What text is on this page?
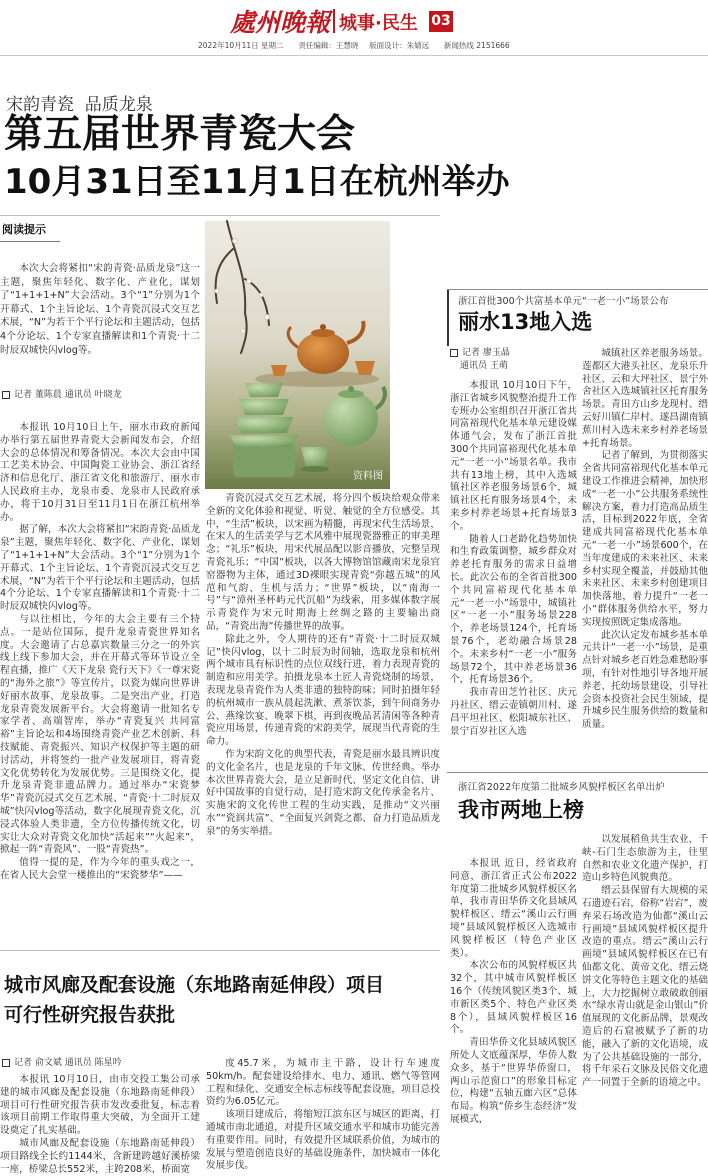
處州晚報 城事·民生 03
2022年10月11日 星期二 责任编辑：王慧晓 版面设计：朱婧远 新闻热线 2151666
宋韵青瓷  品质龙泉
第五届世界青瓷大会
10月31日至11月1日在杭州举办
阅读提示
本次大会将紧扣“宋韵青瓷·品质龙泉”这一主题，聚焦年轻化、数字化、产业化，谋划了“1+1+1+N”大会活动。3个“1”分别为1个开幕式、1个主旨论坛、1个青瓷沉浸式交互艺术展，“N”为若干个平行论坛和主题活动，包括4个分论坛、1个专家直播解读和1个青瓷·十二时辰双城快闪vlog等。
记者 董陈晨 通讯员 叶晓龙

本报讯 10月10日上午，丽水市政府新闻办举行第五届世界青瓷大会新闻发布会，介绍大会的总体情况和筹备情况。本次大会由中国工艺美术协会、中国陶瓷工业协会、浙江省经济和信息化厅、浙江省文化和旅游厅、丽水市人民政府主办，龙泉市委、龙泉市人民政府承办，将于10月31日至11月1日在浙江杭州举办。

据了解，本次大会将紧扣“宋韵青瓷·品质龙泉”主题，聚焦年轻化、数字化、产业化，谋划了“1+1+1+N”大会活动。3个“1”分别为1个开幕式、1个主旨论坛、1个青瓷沉浸式交互艺术展，“N”为若干个平行论坛和主题活动，包括4个分论坛、1个专家直播解读和1个青瓷·十二时辰双城快闪vlog等。

与以往相比，今年的大会主要有三个特点。一是站位国际，提升龙泉青瓷世界知名度。大会邀请了占总嘉宾数量三分之一的外宾线上线下参加大会，并在开幕式等环节设立全程直播，推广《天下龙泉 瓷行天下》《一尊宋瓷的“海外之旅”》等宣传片，以瓷为媒向世界讲好丽水故事、龙泉故事。二是突出产业，打造龙泉青瓷发展新平台。大会将邀请一批知名专家学者、高端智库，举办“青瓷复兴 共同富裕”主旨论坛和4场围绕青瓷产业艺术创新、科技赋能、青瓷振兴、知识产权保护等主题的研讨活动，并将签约一批产业发展项目，将青瓷文化优势转化为发展优势。三是围绕文化，提升龙泉青瓷非遗品牌力。通过举办“宋瓷梦华”青瓷沉浸式交互艺术展、“青瓷·十二时辰双城”快闪vlog等活动，数字化展现青瓷文化，沉浸式体验人类非遗，全方位传播传统文化，切实让大众对青瓷文化加快“活起来”“火起来”，掀起一阵“青瓷风”、一股“青瓷热”。

值得一提的是，作为今年的重头戏之一，在省人民大会堂一楼推出的“宋瓷梦华”——

资料图

青瓷沉浸式交互艺术展，将分四个板块给观众带来全新的文化体验和视觉、听觉、触觉的全方位感受。其中，“生活”板块，以宋画为精髓，再现宋代生活场景，在宋人的生活美学与艺术风雅中展现瓷器雅正的审美理念；“礼乐”板块，用宋代展品配以影音播放，完整呈现青瓷礼乐；“中国”板块，以各大博物馆馆藏南宋龙泉官窑器物为主体，通过3D裸眼实现青瓷“弥越五城”的风范和气韵、生机与活力；“世界”板块，以“南海一号”与“漳州圣杯屿元代沉船”为线索，用多媒体数字展示青瓷作为宋元时期海上丝绸之路的主要输出商品，“青瓷出海”传播世界的故事。

除此之外，令人期待的还有“青瓷·十二时辰双城记”快闪vlog，以十二时辰为时间轴，选取龙泉和杭州两个城市具有标识性的点位双线行进，着力表现青瓷的制造和应用美学。拍摄龙泉本土匠人青瓷烧制的场景，表现龙泉青瓷作为人类非遗的独特韵味；同时拍摄年轻的杭州城市一族从晨起洗漱、煮茶饮茶，到午间商务办公、燕缘饮宴、晚翠下棋，再到夜晚品茗清闲等各种青瓷应用场景，传递青瓷的宋韵美学，展现当代青瓷的生命力。

作为宋韵文化的典型代表，青瓷是丽水最具辨识度的文化金名片，也是龙泉的千年文脉、传世经典。举办本次世界青瓷大会，是立足新时代、坚定文化自信、讲好中国故事的自觉行动，是打造宋韵文化传承金名片、实施宋韵文化传世工程的生动实践，是推动“文兴丽水”“瓷润共富”、“全面复兴剑瓷之都、奋力打造品质龙泉”的务实举措。

浙江首批300个共富基本单元“一老一小”场景公布
丽水13地入选
记者 廖玉晶
通讯员 王萌

本报讯 10月10日下午，浙江省城乡风貌整治提升工作专班办公室组织召开浙江省共同富裕现代化基本单元建设媒体通气会，发布了浙江首批300个共同富裕现代化基本单元“一老一小”场景名单。我市共有13地上榜，其中入选城镇社区养老服务场景6个，城镇社区托育服务场景4个，未来乡村养老场景+托育场景3个。

随着人口老龄化趋势加快和生育政策调整，城乡群众对养老托育服务的需求日益增长。此次公布的全省首批300个共同富裕现代化基本单元“一老一小”场景中，城镇社区“一老一小”服务场景228个，养老场景124个，托育场景76个，老幼融合场景28个。未来乡村“一老一小”服务场景72个，其中养老场景36个，托育场景36个。

我市青田芝竹社区、庆元丹社区、缙云壶镇朝川村、遂昌平坦社区、松阳城东社区、景宁百岁社区入选

城镇社区养老服务场景。莲都区大港头社区、龙泉乐升社区、云和大坪社区、景宁外舍社区入选城镇社区托育服务场景。青田方山乡龙现村、缙云好川镇仁岸村、遂昌湖南镇蕉川村入选未来乡村养老场景+托育场景。

记者了解到，为贯彻落实全省共同富裕现代化基本单元建设工作推进会精神，加快形成“一老一小”公共服务系统性解决方案，着力打造高品质生活，目标到2022年底，全省建成共同富裕现代化基本单元“一老一小”场景600个，在当年度建成的未来社区、未来乡村实现全覆盖，并鼓励其他未来社区、未来乡村创建项目加快落地，着力提升“一老一小”群体服务供给水平，努力实现按照既定集成落地。

此次认定发布城乡基本单元共计“一老一小”场景，是重点针对城乡老百姓急难愁盼事项，有针对性地引导各地开展养老、托幼场景建设，引导社会资本投资社会民生领域，提升城乡民生服务供给的数量和质量。

浙江省2022年度第二批城乡风貌样板区名单出炉
我市两地上榜

本报讯 近日，经省政府同意，浙江省正式公布2022年度第二批城乡风貌样板区名单，我市青田华侨文化县域风貌样板区、缙云“溪山云行画境”县域风貌样板区入选城市风貌样板区（特色产业区类）。

本次公布的风貌样板区共32个，其中城市风貌样板区16个（传统风貌区类3个、城市新区类5个、特色产业区类8个），县域风貌样板区16个。

青田华侨文化县域风貌区所处人文底蕴深厚，华侨人数众多，基于“世界华侨窗口，两山示范窗口”的形象目标定位，构建“五轴五廊六区”总体布局。构筑“侨乡生态经济”发展模式，

以发展稻鱼共生农业、千峡-石门生态旅游为主，往里自然和农业文化遗产保护，打造山乡特色风貌典范。

缙云县保留有大规模的采石遗迹石宕，俗称“岩宕”，废弃采石场改造为仙都“溪山云行画境”县域风貌样板区提升改造的重点。缙云“溪山云行画境”县域风貌样板区在已有仙都文化、黄帝文化、缙云烧饼文化等特色主题文化的基础上，大力挖掘树立敢破敢创丽水“绿水青山就是金山银山”价值展现的文化新品牌，景观改造后的石窟被赋予了新的功能，融入了新的文化语境，成为了公共基础设施的一部分，将千年采石文脉及民俗文化遗产一同置于全新的语境之中。

城市风廊及配套设施（东地路南延伸段）项目
可行性研究报告获批
记者 俞文斌 通讯员 陈星吟

本报讯 10月10日，由市交投工集公司承建的城市风廊及配套设施（东地路南延伸段）项目可行性研究报告获市发改委批复，标志着该项目前期工作取得重大突破，为全面开工建设奠定了扎实基础。

城市风廊及配套设施（东地路南延伸段）项目路线全长约1144米，含新建跨越好溪桥梁一座，桥梁总长552米，主跨208米，桥面宽

度45.7米，为城市主干路，设计行车速度50km/h。配套建设给排水、电力、通讯、燃气等管网工程和绿化、交通安全标志标线等配套设施，项目总投资约为6.05亿元。

该项目建成后，将缩短江滨东区与城区的距离，打通城市南北通道，对提升区域交通水平和城市功能完善有重要作用。同时，有效提升区域联系价值，为城市的发展与塑造创造良好的基础设施条件，加快城市一体化发展步伐。
